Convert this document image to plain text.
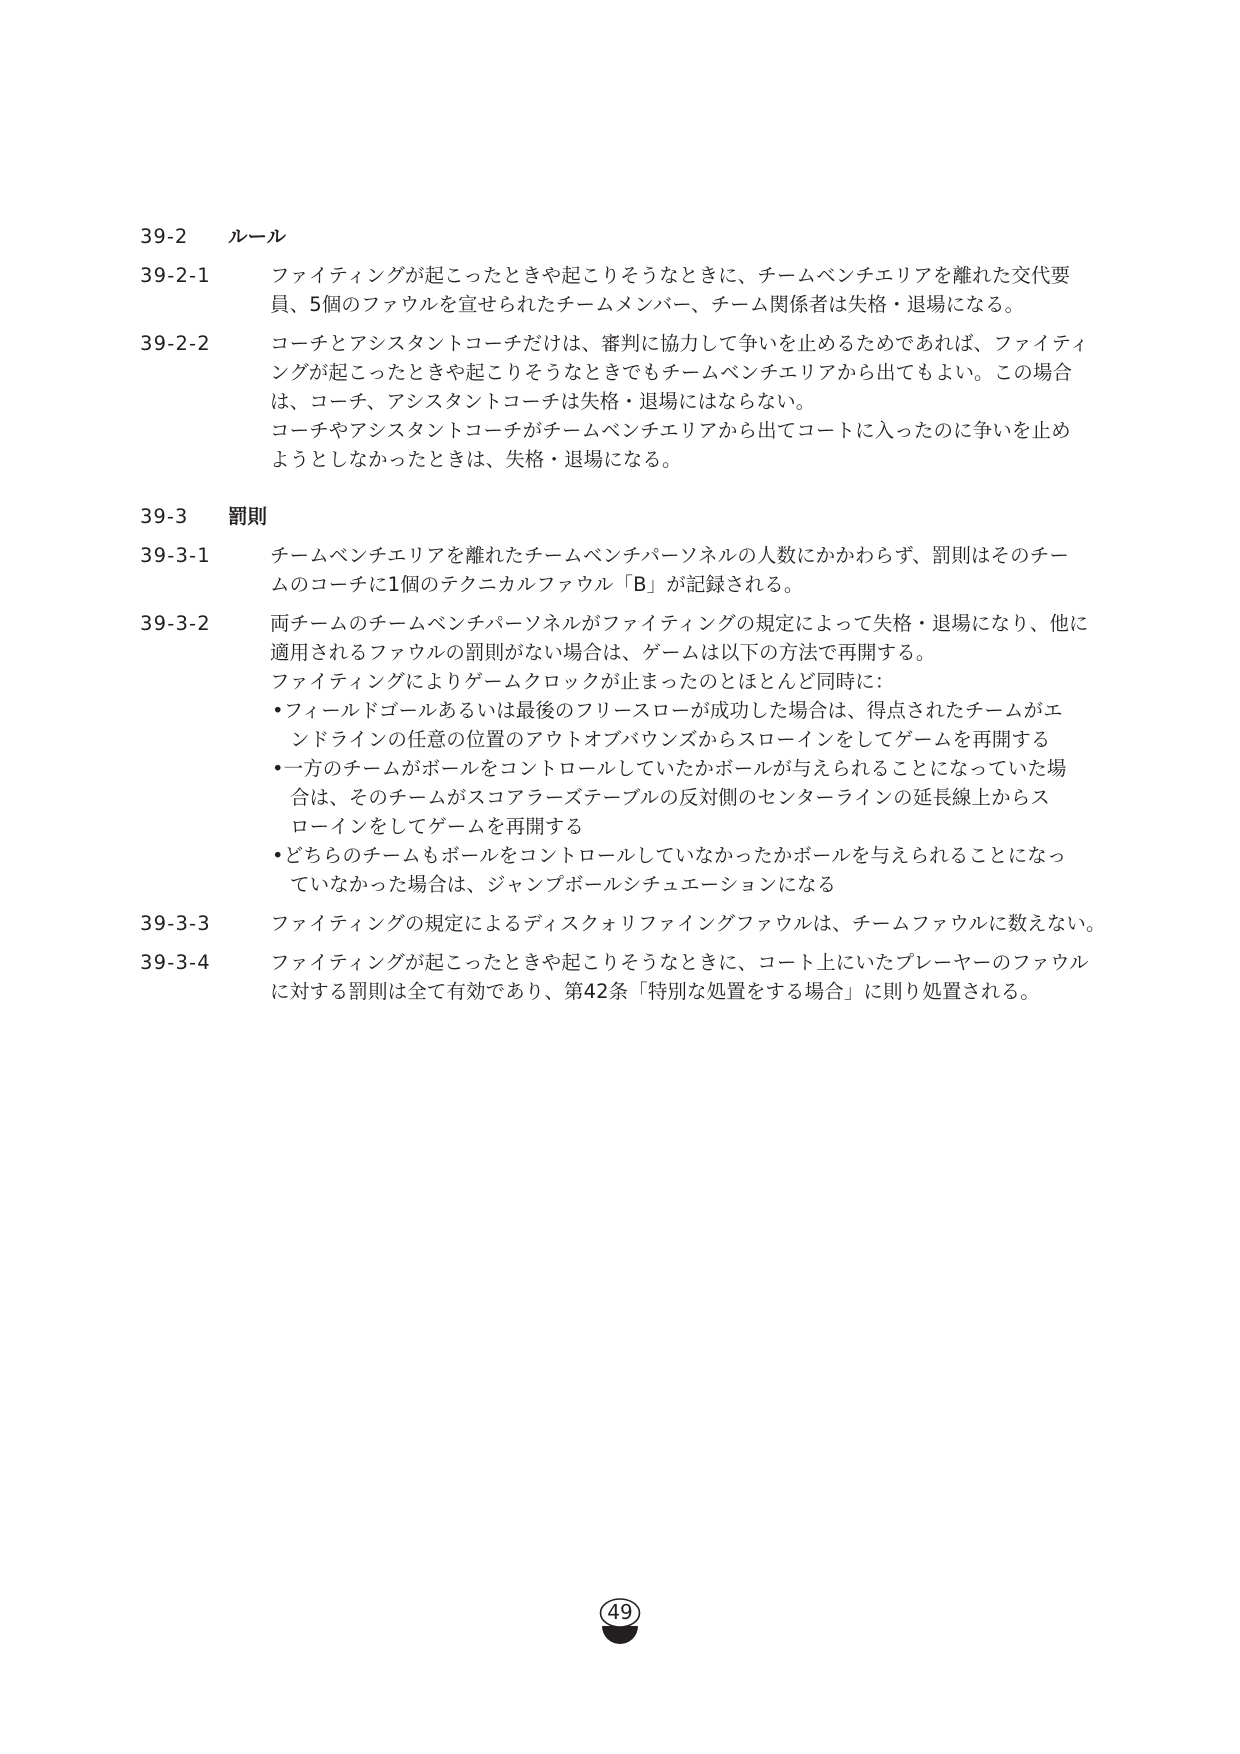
39-2	ルール
39-2-1	ファイティングが起こったときや起こりそうなときに、チームベンチエリアを離れた交代要
員、5個のファウルを宣せられたチームメンバー、チーム関係者は失格・退場になる。
39-2-2	コーチとアシスタントコーチだけは、審判に協力して争いを止めるためであれば、ファイティ
ングが起こったときや起こりそうなときでもチームベンチエリアから出てもよい。この場合
は、コーチ、アシスタントコーチは失格・退場にはならない。
コーチやアシスタントコーチがチームベンチエリアから出てコートに入ったのに争いを止め
ようとしなかったときは、失格・退場になる。
39-3	罰則
39-3-1	チームベンチエリアを離れたチームベンチパーソネルの人数にかかわらず、罰則はそのチー
ムのコーチに1個のテクニカルファウル「B」が記録される。
39-3-2	両チームのチームベンチパーソネルがファイティングの規定によって失格・退場になり、他に
適用されるファウルの罰則がない場合は、ゲームは以下の方法で再開する。
ファイティングによりゲームクロックが止まったのとほとんど同時に：
•フィールドゴールあるいは最後のフリースローが成功した場合は、得点されたチームがエ
ンドラインの任意の位置のアウトオブバウンズからスローインをしてゲームを再開する
•一方のチームがボールをコントロールしていたかボールが与えられることになっていた場
合は、そのチームがスコアラーズテーブルの反対側のセンターラインの延長線上からス
ローインをしてゲームを再開する
•どちらのチームもボールをコントロールしていなかったかボールを与えられることになっ
ていなかった場合は、ジャンプボールシチュエーションになる
39-3-3	ファイティングの規定によるディスクォリファイングファウルは、チームファウルに数えない。
39-3-4	ファイティングが起こったときや起こりそうなときに、コート上にいたプレーヤーのファウル
に対する罰則は全て有効であり、第42条「特別な処置をする場合」に則り処置される。
49
